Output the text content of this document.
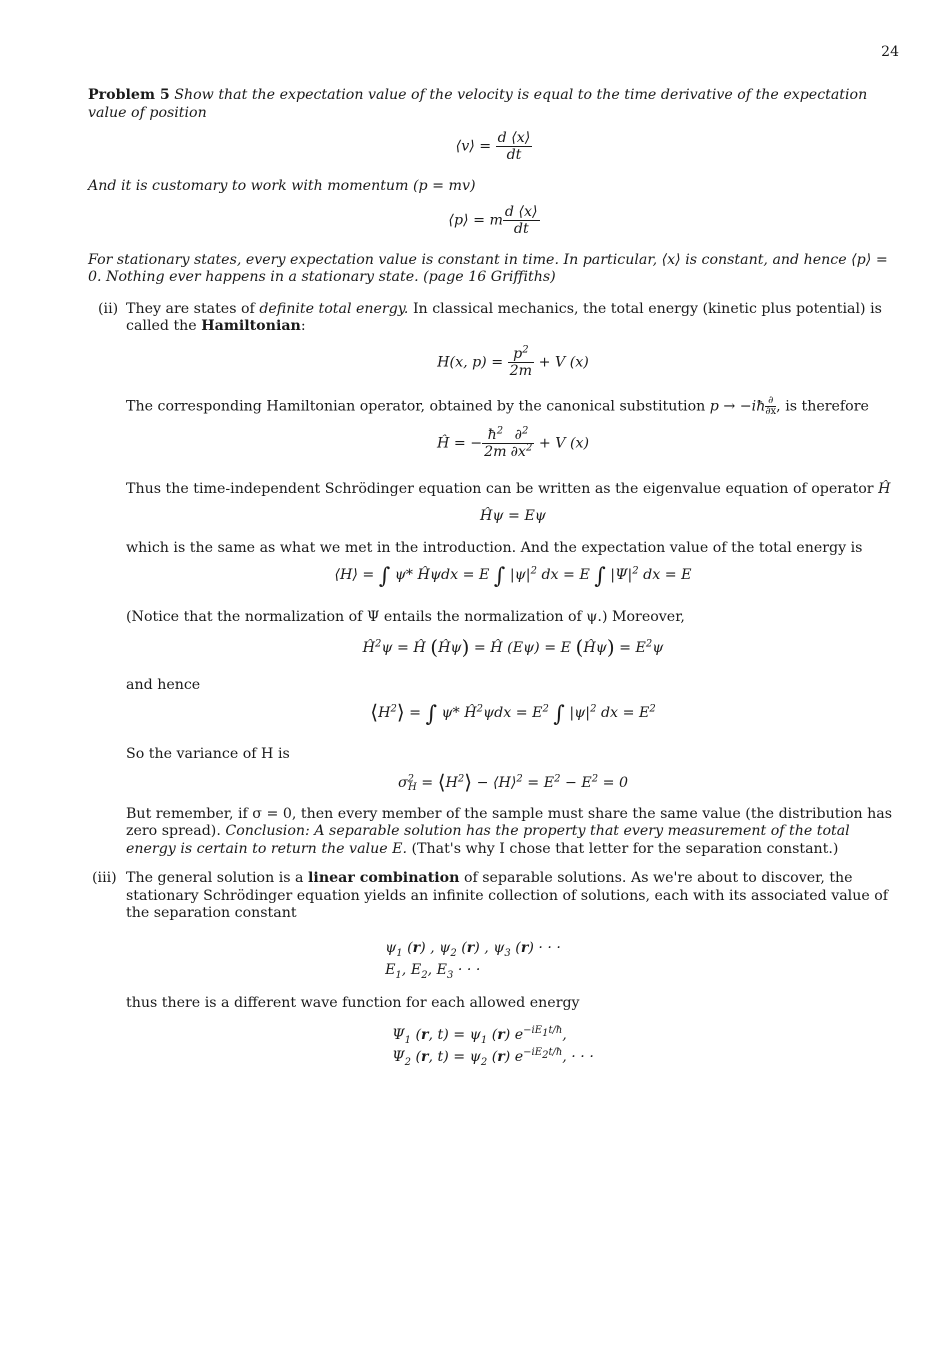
24

Problem 5 Show that the expectation value of the velocity is equal to the time derivative of the expectation value of position

⟨v⟩ = $\frac{d ⟨x⟩}{dt}$

And it is customary to work with momentum (p = mv)

⟨p⟩ = m $\frac{d ⟨x⟩}{dt}$

For stationary states, every expectation value is constant in time. In particular, ⟨x⟩ is constant, and hence ⟨p⟩ = 0. Nothing ever happens in a stationary state. (page 16 Griffiths)

(ii) They are states of definite total energy. In classical mechanics, the total energy (kinetic plus potential) is called the Hamiltonian:

H(x, $p) = \frac{p^2}{2m} + V$ (x)

The corresponding Hamiltonian operator, obtained by the canonical substitution p → −iħ $\frac{\partial}{\partial x}$, is therefore

Ĥ = − $\frac{ħ^2}{2m} \frac{\partial^2}{\partial x^2} + V$ (x)

Thus the time-independent Schrödinger equation can be written as the eigenvalue equation of operator Ĥ

Ĥψ = Eψ

which is the same as what we met in the introduction. And the expectation value of the total energy is

⟨H⟩ = ∫ ψ* Ĥψdx = E ∫ $|\psi|^2$ dx = E ∫ $|\Psi|^2$ dx = E

(Notice that the normalization of Ψ entails the normalization of ψ.) Moreover,

$Ĥ^2\psi$ = Ĥ (Ĥψ) = Ĥ (Eψ) = E (Ĥψ) = $E^2\psi$

and hence

$⟨H^2⟩$ = ∫ ψ* $Ĥ^2\psi dx = E^2$ ∫ $|\psi|^2$ dx = $E^2$

So the variance of H is

$\sigma^2_H$ = $⟨H^2⟩$ − ⟨H⟩$^2$ = $E^2 - E^2 = 0$

But remember, if σ = 0, then every member of the sample must share the same value (the distribution has zero spread). Conclusion: A separable solution has the property that every measurement of the total energy is certain to return the value E. (That's why I chose that letter for the separation constant.)

(iii) The general solution is a linear combination of separable solutions. As we're about to discover, the stationary Schrödinger equation yields an infinite collection of solutions, each with its associated value of the separation constant

$\psi_1$ (r) , $\psi_2$ (r) , $\psi_3$ (r) · · ·
$E_1$, $E_2$, $E_3$ · · ·

thus there is a different wave function for each allowed energy

$\Psi_1$ (r, $t) = \psi_1$ (r) $e^{-iE_1t/ħ}$,
$\Psi_2$ (r, $t) = \psi_2$ (r) $e^{-iE_2t/ħ}$, · · ·
